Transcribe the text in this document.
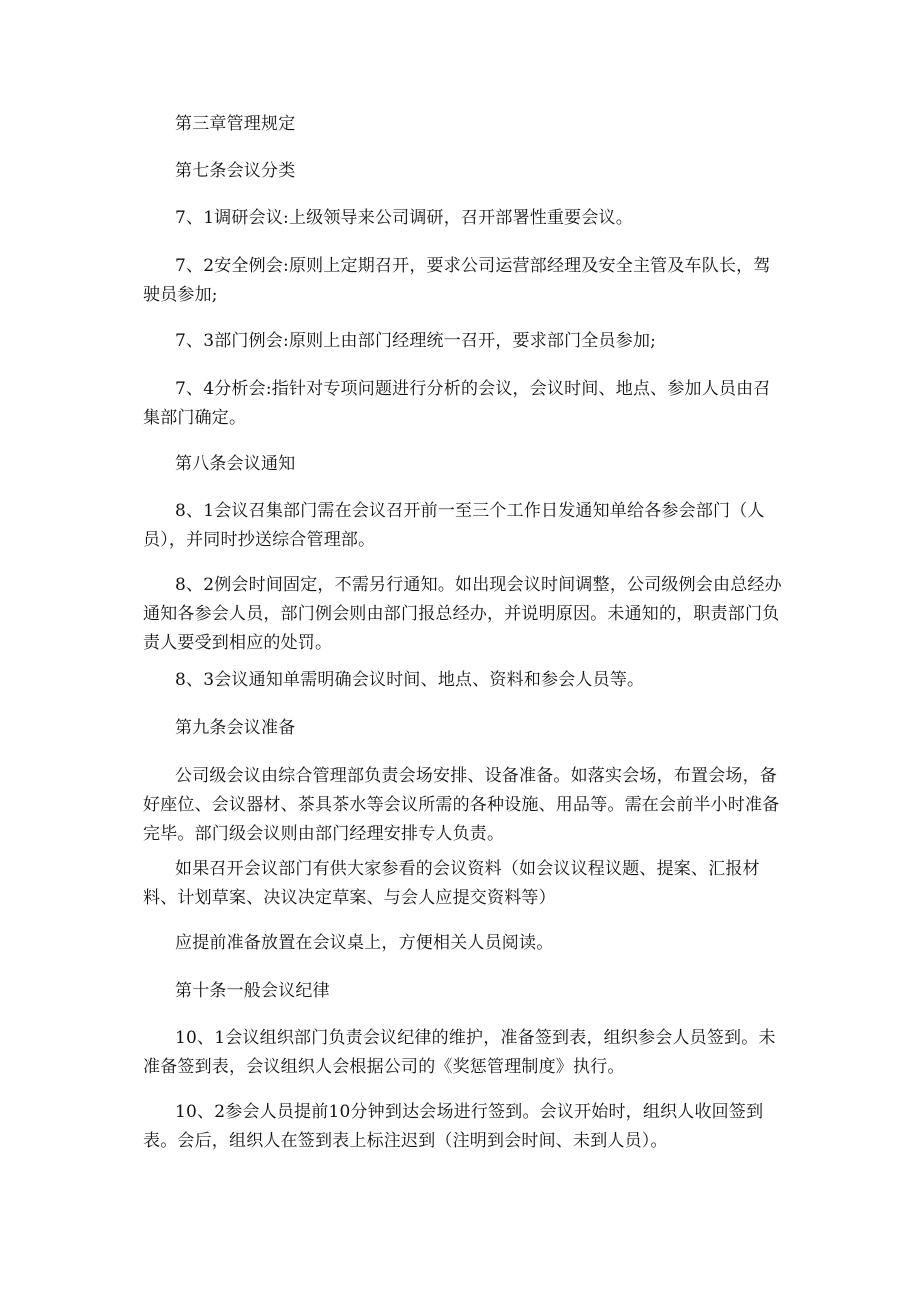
第三章管理规定

第七条会议分类

7、1调研会议:上级领导来公司调研，召开部署性重要会议。

7、2安全例会:原则上定期召开，要求公司运营部经理及安全主管及车队长，驾驶员参加;

7、3部门例会:原则上由部门经理统一召开，要求部门全员参加;

7、4分析会:指针对专项问题进行分析的会议，会议时间、地点、参加人员由召集部门确定。

第八条会议通知

8、1会议召集部门需在会议召开前一至三个工作日发通知单给各参会部门（人员），并同时抄送综合管理部。

8、2例会时间固定，不需另行通知。如出现会议时间调整，公司级例会由总经办通知各参会人员，部门例会则由部门报总经办，并说明原因。未通知的，职责部门负责人要受到相应的处罚。

8、3会议通知单需明确会议时间、地点、资料和参会人员等。

第九条会议准备

公司级会议由综合管理部负责会场安排、设备准备。如落实会场，布置会场，备好座位、会议器材、茶具茶水等会议所需的各种设施、用品等。需在会前半小时准备完毕。部门级会议则由部门经理安排专人负责。

如果召开会议部门有供大家参看的会议资料（如会议议程议题、提案、汇报材料、计划草案、决议决定草案、与会人应提交资料等）

应提前准备放置在会议桌上，方便相关人员阅读。

第十条一般会议纪律

10、1会议组织部门负责会议纪律的维护，准备签到表，组织参会人员签到。未准备签到表，会议组织人会根据公司的《奖惩管理制度》执行。

10、2参会人员提前10分钟到达会场进行签到。会议开始时，组织人收回签到表。会后，组织人在签到表上标注迟到（注明到会时间、未到人员）。
